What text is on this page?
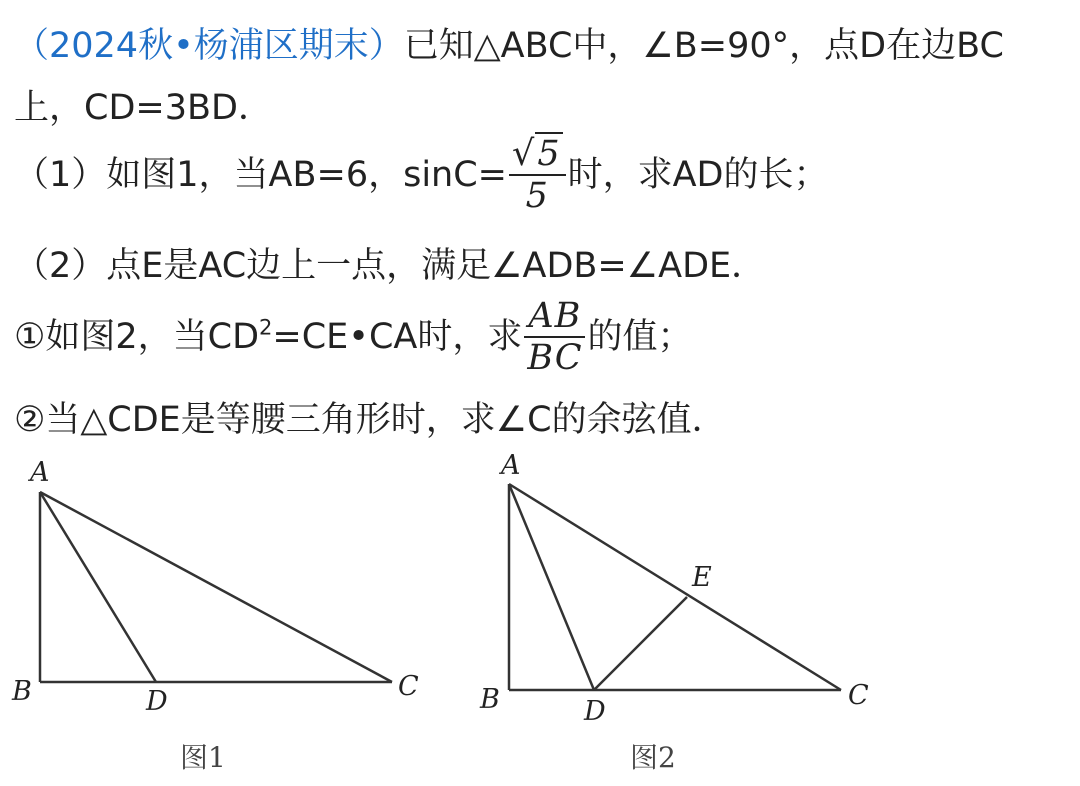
（2024秋•杨浦区期末）已知△ABC中，∠B=90°，点D在边BC
上，CD=3BD．
（1）如图1，当AB=6，$\sin C= \frac{√5}{5}$ 时，求AD的长；
（2）点E是AC边上一点，满足∠ADB=∠ADE．
①如图2，当$CD^2=CE•CA$时，求 $\frac{AB}{BC}$ 的值；
②当△CDE是等腰三角形时，求∠C的余弦值．
A
B	D	C
图1
A
B	D
C
E
图2
